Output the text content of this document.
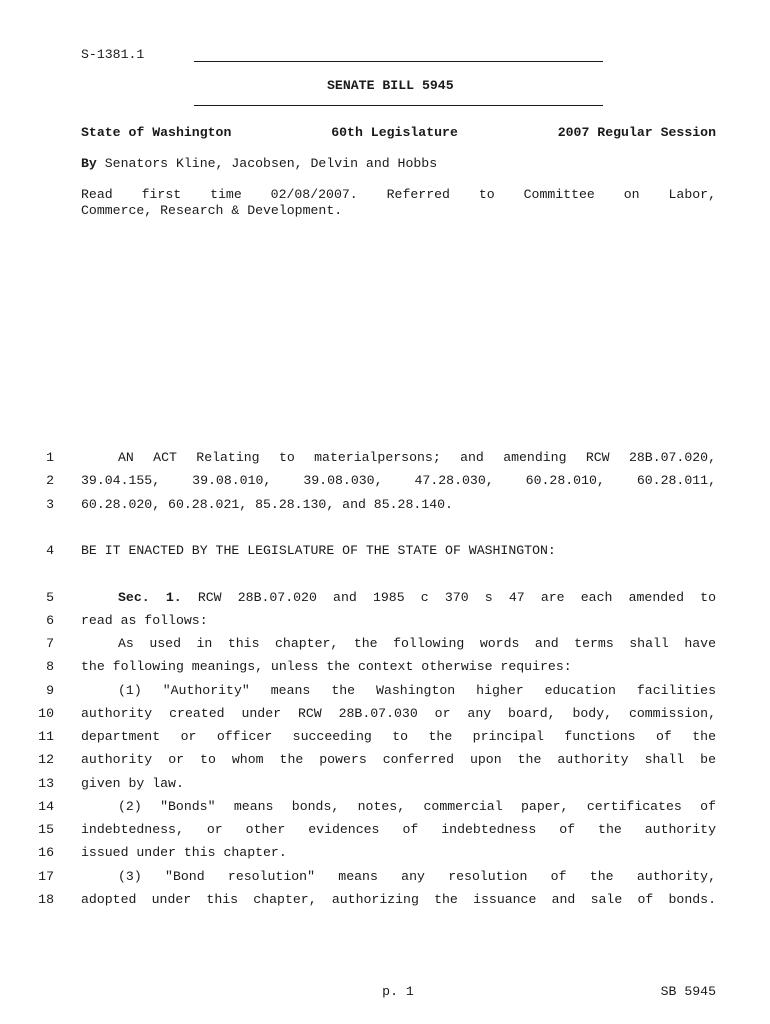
S-1381.1
SENATE BILL 5945
State of Washington	60th Legislature	2007 Regular Session
By Senators Kline, Jacobsen, Delvin and Hobbs
Read first time 02/08/2007. Referred to Committee on Labor,
Commerce, Research & Development.
1
2
3
4
5
6
7
8
9
10
11
12
13
14
15
16
17
18
AN ACT Relating to materialpersons; and amending RCW 28B.07.020,
39.04.155, 39.08.010, 39.08.030, 47.28.030, 60.28.010, 60.28.011,
60.28.020, 60.28.021, 85.28.130, and 85.28.140.
BE IT ENACTED BY THE LEGISLATURE OF THE STATE OF WASHINGTON:
Sec. 1. RCW 28B.07.020 and 1985 c 370 s 47 are each amended to
read as follows:
As used in this chapter, the following words and terms shall have
the following meanings, unless the context otherwise requires:
(1) "Authority" means the Washington higher education facilities
authority created under RCW 28B.07.030 or any board, body, commission,
department or officer succeeding to the principal functions of the
authority or to whom the powers conferred upon the authority shall be
given by law.
(2) "Bonds" means bonds, notes, commercial paper, certificates of
indebtedness, or other evidences of indebtedness of the authority
issued under this chapter.
(3) "Bond resolution" means any resolution of the authority,
adopted under this chapter, authorizing the issuance and sale of bonds.
p. 1	SB 5945
